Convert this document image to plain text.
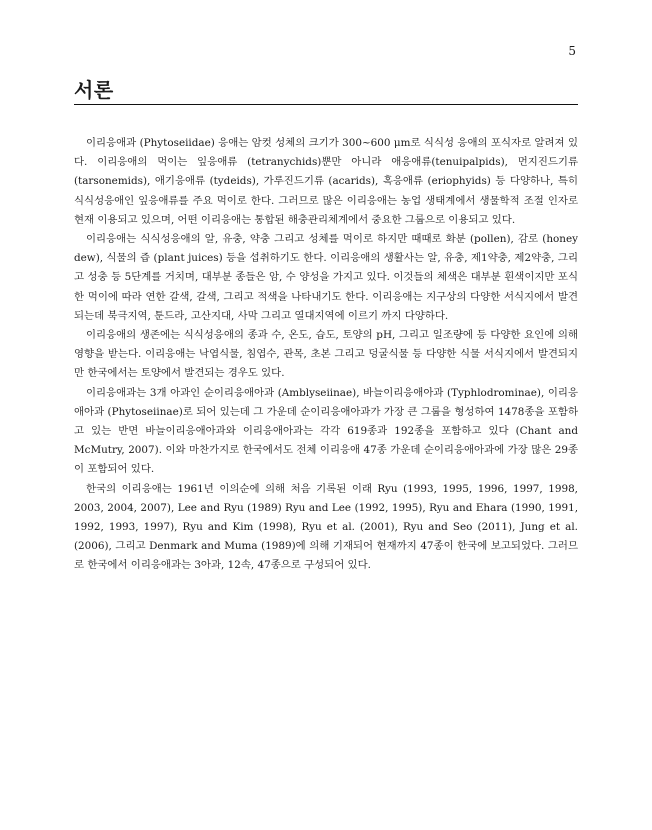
5
서론

이리응애과 (Phytoseiidae) 응애는 암컷 성체의 크기가 300~600 μm로 식식성 응애의 포식자로 알려져 있다. 이리응애의 먹이는 잎응애류 (tetranychids)뿐만 아니라 애응애류(tenuipalpids), 먼지진드기류 (tarsonemids), 애기응애류 (tydeids), 가루진드기류 (acarids), 혹응애류 (eriophyids) 등 다양하나, 특히 식식성응애인 잎응애류를 주요 먹이로 한다. 그러므로 많은 이리응애는 농업 생태계에서 생물학적 조절 인자로 현재 이용되고 있으며, 어떤 이리응애는 통합된 해충관리체계에서 중요한 그룹으로 이용되고 있다.

이리응애는 식식성응애의 알, 유충, 약충 그리고 성체를 먹이로 하지만 때때로 화분 (pollen), 감로 (honey dew), 식물의 즙 (plant juices) 등을 섭취하기도 한다. 이리응애의 생활사는 알, 유충, 제1약충, 제2약충, 그리고 성충 등 5단계를 거치며, 대부분 종들은 암, 수 양성을 가지고 있다. 이것들의 체색은 대부분 흰색이지만 포식한 먹이에 따라 연한 갈색, 갈색, 그리고 적색을 나타내기도 한다. 이리응애는 지구상의 다양한 서식지에서 발견되는데 북극지역, 툰드라, 고산지대, 사막 그리고 열대지역에 이르기 까지 다양하다.

이리응애의 생존에는 식식성응애의 종과 수, 온도, 습도, 토양의 pH, 그리고 일조량에 등 다양한 요인에 의해 영향을 받는다. 이리응애는 낙엽식물, 침엽수, 관목, 초본 그리고 덩굴식물 등 다양한 식물 서식지에서 발견되지만 한국에서는 토양에서 발견되는 경우도 있다.

이리응애과는 3개 아과인 순이리응애아과 (Amblyseiinae), 바늘이리응애아과 (Typhlodrominae), 이리응애아과 (Phytoseiinae)로 되어 있는데 그 가운데 순이리응애아과가 가장 큰 그룹을 형성하여 1478종을 포함하고 있는 반면 바늘이리응애아과와 이리응애아과는 각각 619종과 192종을 포함하고 있다 (Chant and McMutry, 2007). 이와 마찬가지로 한국에서도 전체 이리응애 47종 가운데 순이리응애아과에 가장 많은 29종이 포함되어 있다.

한국의 이리응애는 1961년 이의순에 의해 처음 기록된 이래 Ryu (1993, 1995, 1996, 1997, 1998, 2003, 2004, 2007), Lee and Ryu (1989) Ryu and Lee (1992, 1995), Ryu and Ehara (1990, 1991, 1992, 1993, 1997), Ryu and Kim (1998), Ryu et al. (2001), Ryu and Seo (2011), Jung et al. (2006), 그리고 Denmark and Muma (1989)에 의해 기재되어 현재까지 47종이 한국에 보고되었다. 그러므로 한국에서 이리응애과는 3아과, 12속, 47종으로 구성되어 있다.
